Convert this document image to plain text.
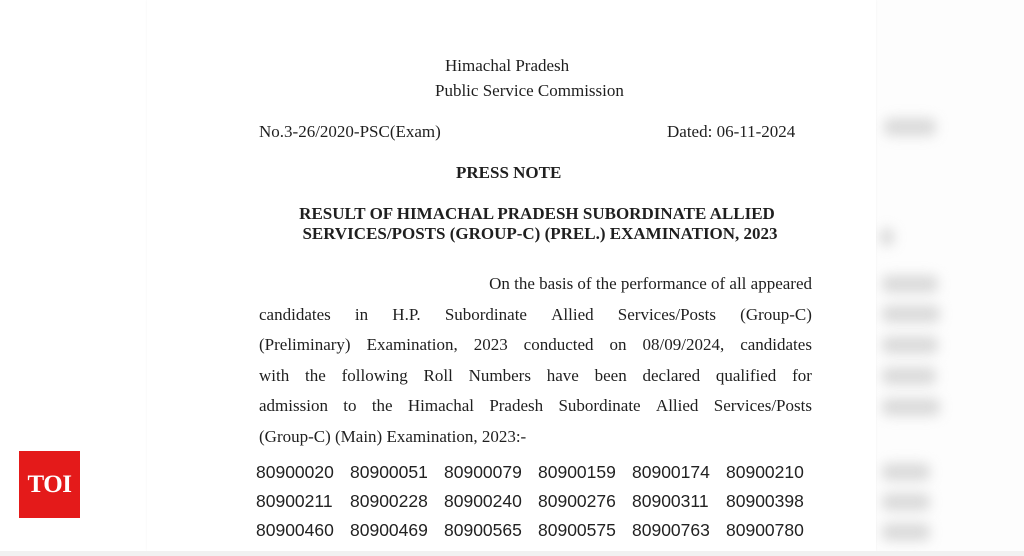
Himachal Pradesh
Public Service Commission
No.3-26/2020-PSC(Exam)	Dated: 06-11-2024
PRESS NOTE
RESULT OF HIMACHAL PRADESH SUBORDINATE ALLIED
SERVICES/POSTS (GROUP-C) (PREL.) EXAMINATION, 2023
On the basis of the performance of all appeared
candidates in H.P. Subordinate Allied Services/Posts (Group-C)
(Preliminary) Examination, 2023 conducted on 08/09/2024, candidates
with the following Roll Numbers have been declared qualified for
admission to the Himachal Pradesh Subordinate Allied Services/Posts
(Group-C) (Main) Examination, 2023:-
80900020 80900051 80900079 80900159 80900174 80900210
80900211 80900228 80900240 80900276 80900311 80900398
80900460 80900469 80900565 80900575 80900763 80900780
TOI
